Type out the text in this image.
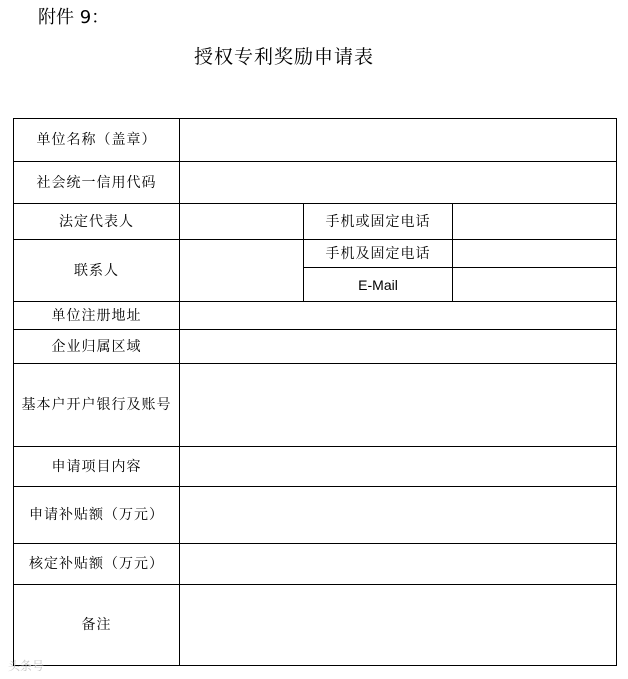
附件 9：
授权专利奖励申请表
单位名称（盖章）			
社会统一信用代码			
法定代表人		手机或固定电话	
联系人		手机及固定电话	
		E-Mail	
单位注册地址			
企业归属区域			
基本户开户银行及账号			
申请项目内容			
申请补贴额（万元）			
核定补贴额（万元）			
备注			
头条号
